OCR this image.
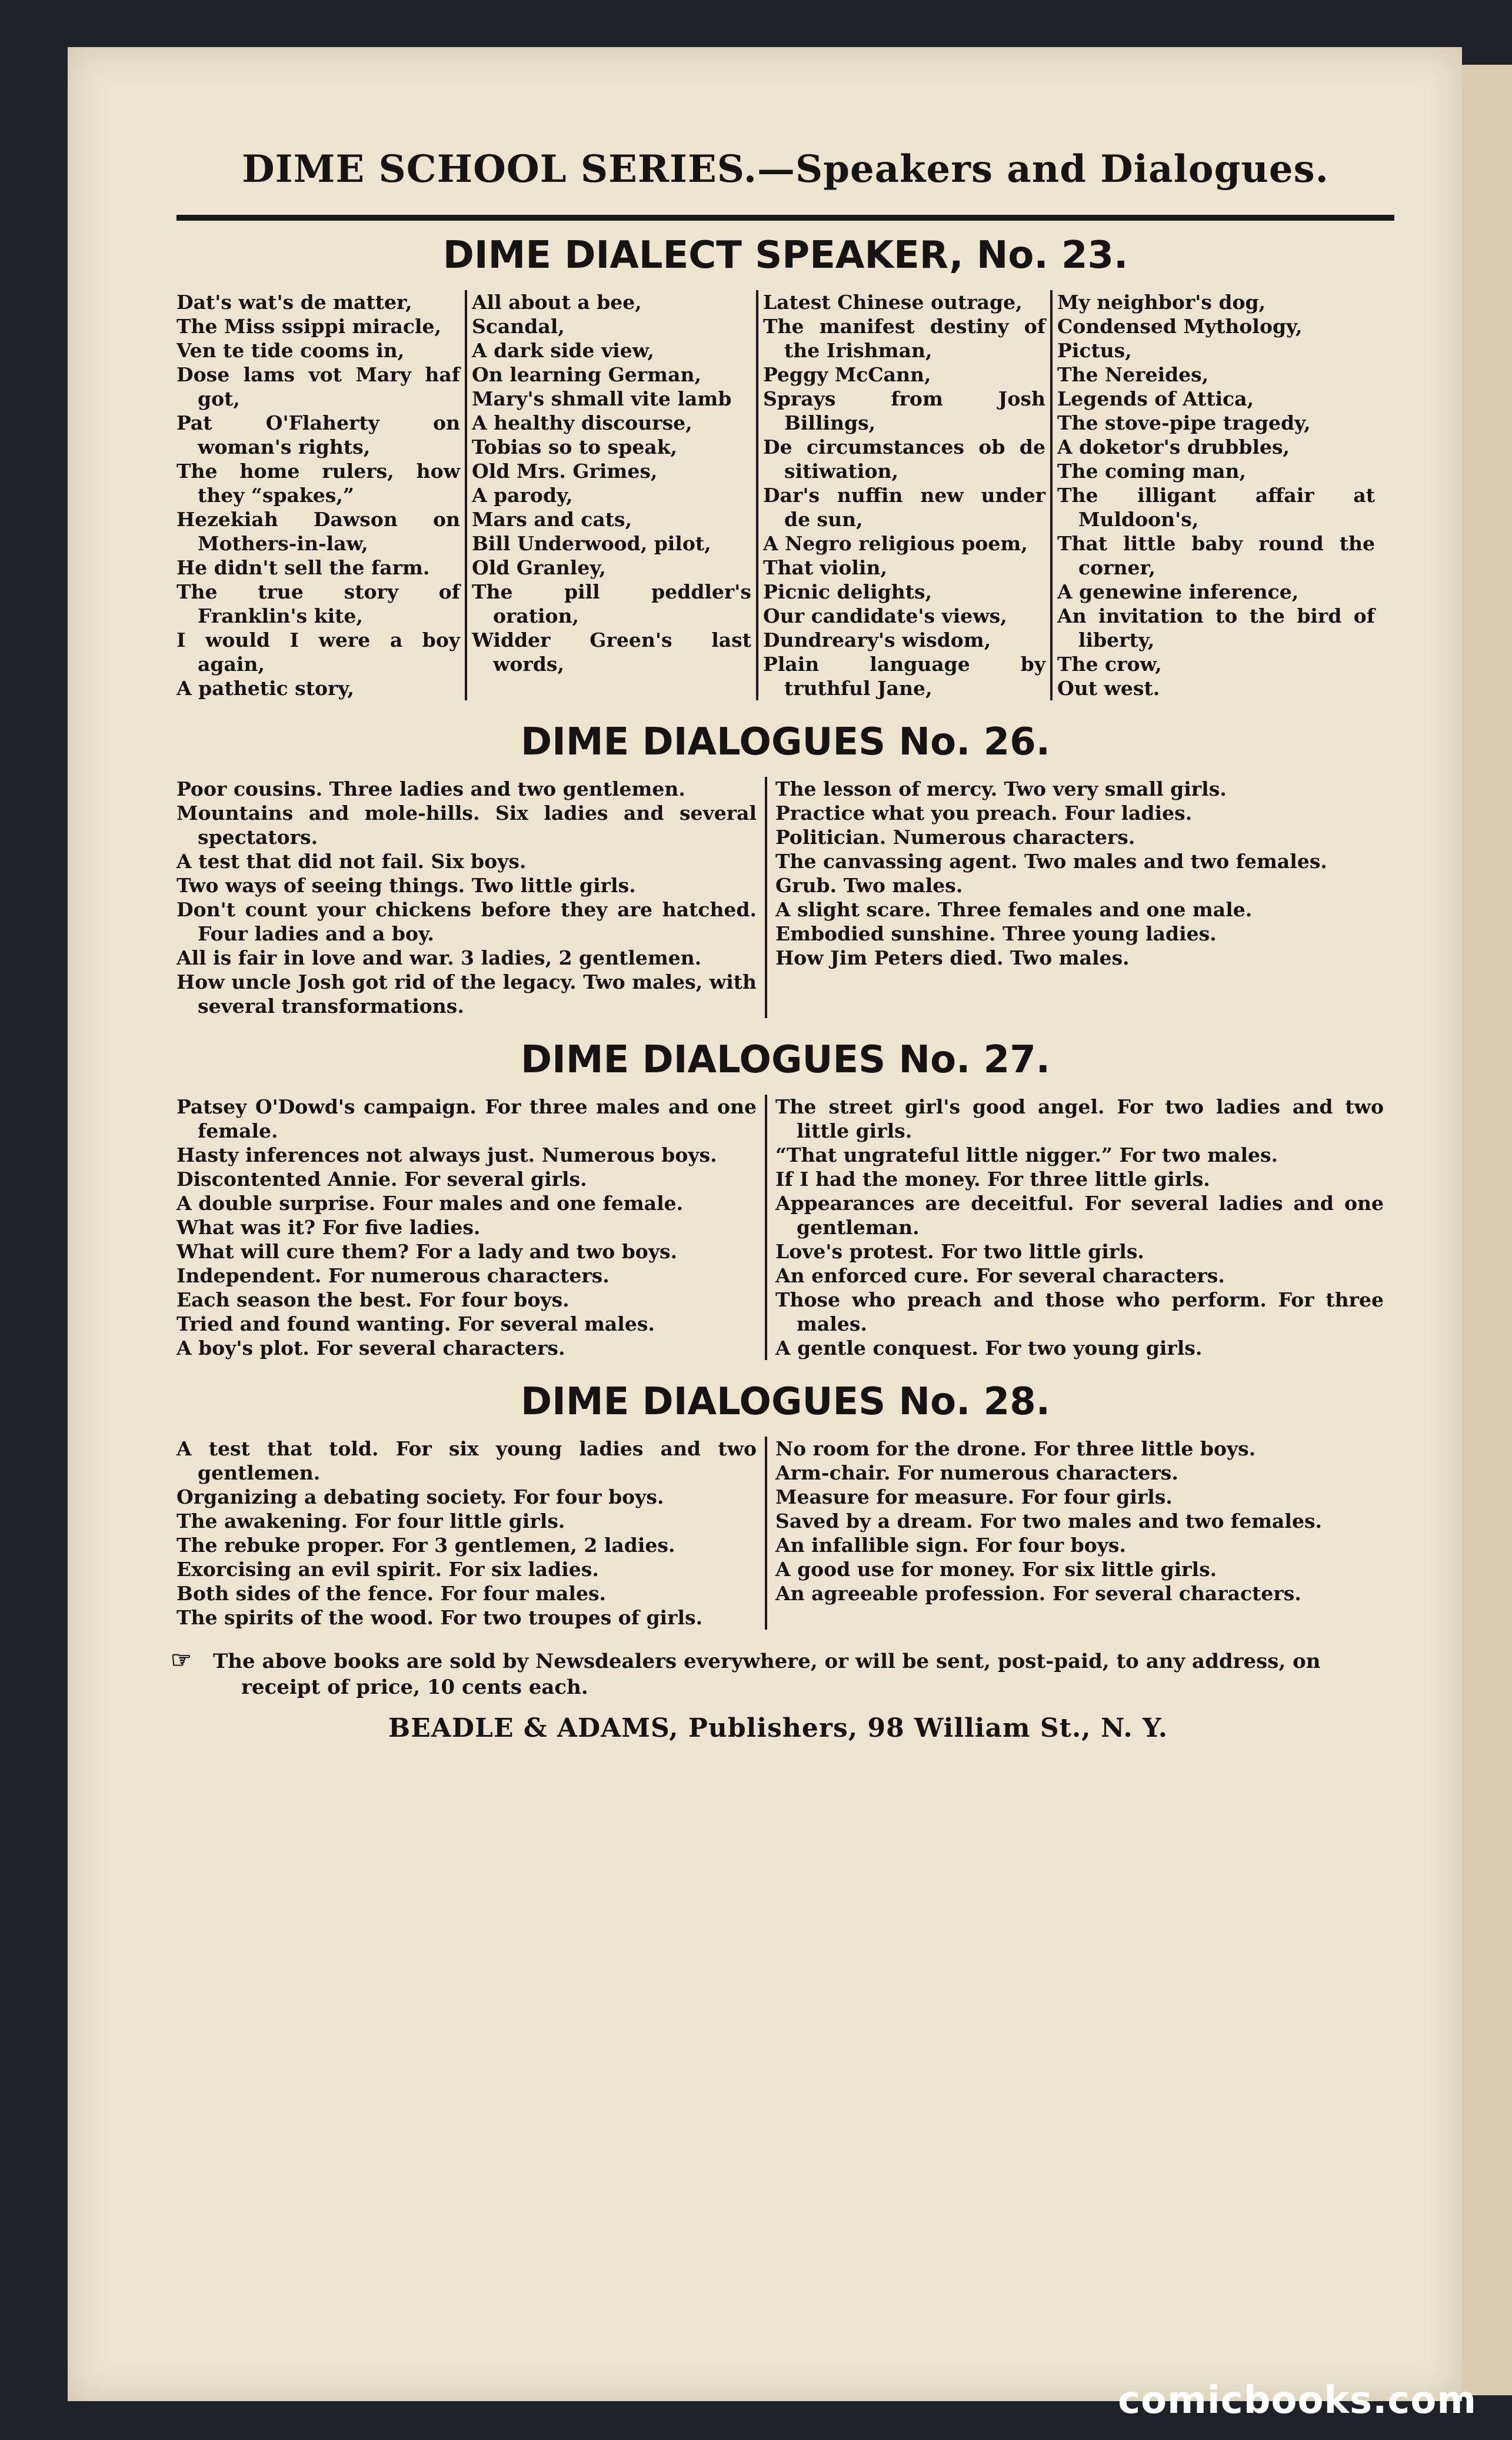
DIME SCHOOL SERIES.—Speakers and Dialogues.
DIME DIALECT SPEAKER, No. 23.
Dat's wat's de matter,
The Miss ssippi miracle,
Ven te tide cooms in,
Dose lams vot Mary haf got,
Pat O'Flaherty on woman's rights,
The home rulers, how they “spakes,”
Hezekiah Dawson on Mothers-in-law,
He didn't sell the farm.
The true story of Franklin's kite,
I would I were a boy again,
A pathetic story,
All about a bee,
Scandal,
A dark side view,
On learning German,
Mary's shmall vite lamb
A healthy discourse,
Tobias so to speak,
Old Mrs. Grimes,
A parody,
Mars and cats,
Bill Underwood, pilot,
Old Granley,
The pill peddler's oration,
Widder Green's last words,
Latest Chinese outrage,
The manifest destiny of the Irishman,
Peggy McCann,
Sprays from Josh Billings,
De circumstances ob de sitiwation,
Dar's nuffin new under de sun,
A Negro religious poem,
That violin,
Picnic delights,
Our candidate's views,
Dundreary's wisdom,
Plain language by truthful Jane,
My neighbor's dog,
Condensed Mythology,
Pictus,
The Nereides,
Legends of Attica,
The stove-pipe tragedy,
A doketor's drubbles,
The coming man,
The illigant affair at Muldoon's,
That little baby round the corner,
A genewine inference,
An invitation to the bird of liberty,
The crow,
Out west.
DIME DIALOGUES No. 26.
Poor cousins. Three ladies and two gentlemen.
Mountains and mole-hills. Six ladies and several spectators.
A test that did not fail. Six boys.
Two ways of seeing things. Two little girls.
Don't count your chickens before they are hatched. Four ladies and a boy.
All is fair in love and war. 3 ladies, 2 gentlemen.
How uncle Josh got rid of the legacy. Two males, with several transformations.
The lesson of mercy. Two very small girls.
Practice what you preach. Four ladies.
Politician. Numerous characters.
The canvassing agent. Two males and two females.
Grub. Two males.
A slight scare. Three females and one male.
Embodied sunshine. Three young ladies.
How Jim Peters died. Two males.
DIME DIALOGUES No. 27.
Patsey O'Dowd's campaign. For three males and one female.
Hasty inferences not always just. Numerous boys.
Discontented Annie. For several girls.
A double surprise. Four males and one female.
What was it? For five ladies.
What will cure them? For a lady and two boys.
Independent. For numerous characters.
Each season the best. For four boys.
Tried and found wanting. For several males.
A boy's plot. For several characters.
The street girl's good angel. For two ladies and two little girls.
“That ungrateful little nigger.” For two males.
If I had the money. For three little girls.
Appearances are deceitful. For several ladies and one gentleman.
Love's protest. For two little girls.
An enforced cure. For several characters.
Those who preach and those who perform. For three males.
A gentle conquest. For two young girls.
DIME DIALOGUES No. 28.
A test that told. For six young ladies and two gentlemen.
Organizing a debating society. For four boys.
The awakening. For four little girls.
The rebuke proper. For 3 gentlemen, 2 ladies.
Exorcising an evil spirit. For six ladies.
Both sides of the fence. For four males.
The spirits of the wood. For two troupes of girls.
No room for the drone. For three little boys.
Arm-chair. For numerous characters.
Measure for measure. For four girls.
Saved by a dream. For two males and two females.
An infallible sign. For four boys.
A good use for money. For six little girls.
An agreeable profession. For several characters.
☞ The above books are sold by Newsdealers everywhere, or will be sent, post-paid, to any address, on receipt of price, 10 cents each.
BEADLE & ADAMS, Publishers, 98 William St., N. Y.
comicbooks.com
